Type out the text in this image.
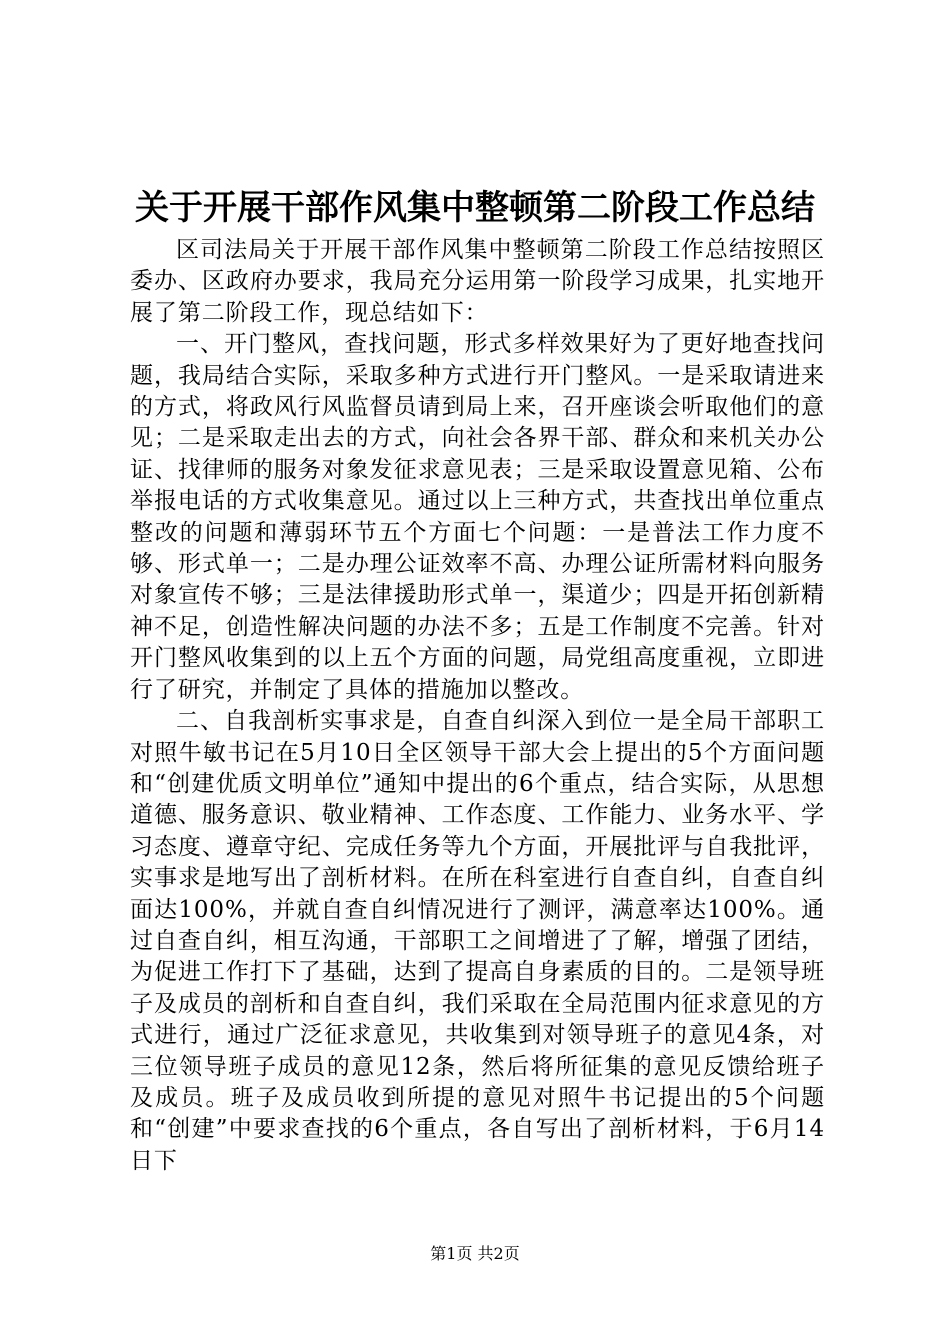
关于开展干部作风集中整顿第二阶段工作总结

区司法局关于开展干部作风集中整顿第二阶段工作总结按照区委办、区政府办要求，我局充分运用第一阶段学习成果，扎实地开展了第二阶段工作，现总结如下：

一、开门整风，查找问题，形式多样效果好为了更好地查找问题，我局结合实际，采取多种方式进行开门整风。一是采取请进来的方式，将政风行风监督员请到局上来，召开座谈会听取他们的意见；二是采取走出去的方式，向社会各界干部、群众和来机关办公证、找律师的服务对象发征求意见表；三是采取设置意见箱、公布举报电话的方式收集意见。通过以上三种方式，共查找出单位重点整改的问题和薄弱环节五个方面七个问题：一是普法工作力度不够、形式单一；二是办理公证效率不高、办理公证所需材料向服务对象宣传不够；三是法律援助形式单一，渠道少；四是开拓创新精神不足，创造性解决问题的办法不多；五是工作制度不完善。针对开门整风收集到的以上五个方面的问题，局党组高度重视，立即进行了研究，并制定了具体的措施加以整改。

二、自我剖析实事求是，自查自纠深入到位一是全局干部职工对照牛敏书记在5月10日全区领导干部大会上提出的5个方面问题和“创建优质文明单位”通知中提出的6个重点，结合实际，从思想道德、服务意识、敬业精神、工作态度、工作能力、业务水平、学习态度、遵章守纪、完成任务等九个方面，开展批评与自我批评，实事求是地写出了剖析材料。在所在科室进行自查自纠，自查自纠面达100%，并就自查自纠情况进行了测评，满意率达100%。通过自查自纠，相互沟通，干部职工之间增进了了解，增强了团结，为促进工作打下了基础，达到了提高自身素质的目的。二是领导班子及成员的剖析和自查自纠，我们采取在全局范围内征求意见的方式进行，通过广泛征求意见，共收集到对领导班子的意见4条，对三位领导班子成员的意见12条，然后将所征集的意见反馈给班子及成员。班子及成员收到所提的意见对照牛书记提出的5个问题和“创建”中要求查找的6个重点，各自写出了剖析材料，于6月14日下

第1页 共2页
